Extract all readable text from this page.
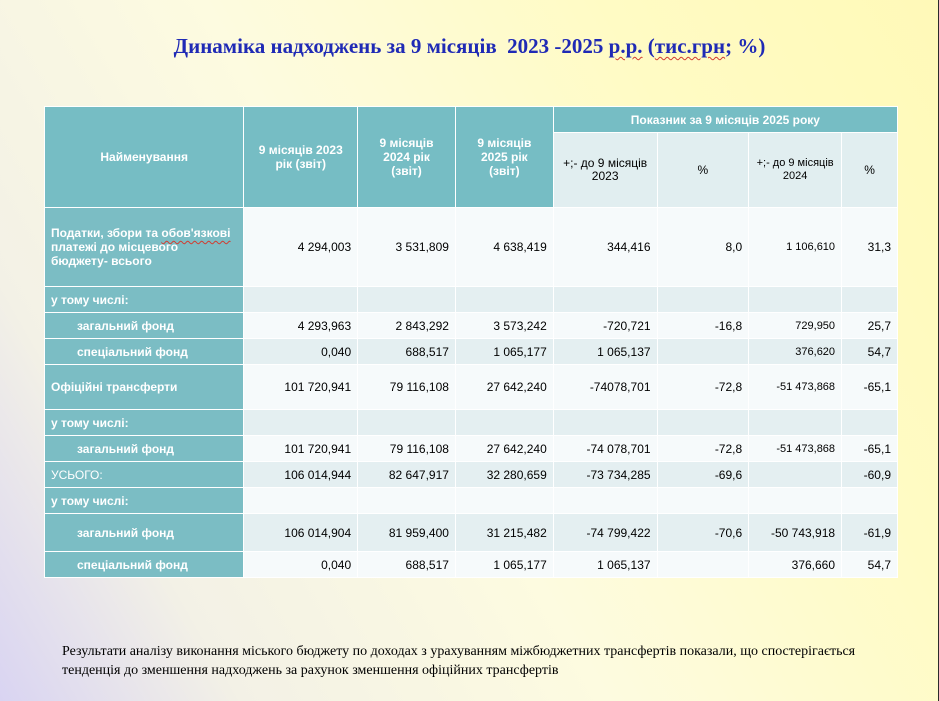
Динаміка надходжень за 9 місяців  2023 -2025 р.р. (тис.грн; %)
Найменування	9 місяців 2023 рік (звіт)	9 місяців 2024 рік (звіт)	9 місяців 2025 рік (звіт)	Показник за 9 місяців 2025 року			
				+;- до 9 місяців 2023	%	+;- до 9 місяців 2024	%
Податки, збори та обов'язкові платежі до місцевого бюджету- всього	4 294,003	3 531,809	4 638,419	344,416	8,0	1 106,610	31,3
у тому числі:							
загальний фонд	4 293,963	2 843,292	3 573,242	-720,721	-16,8	729,950	25,7
спеціальний фонд	0,040	688,517	1 065,177	1 065,137		376,620	54,7
Офіційні трансферти	101 720,941	79 116,108	27 642,240	-74078,701	-72,8	-51 473,868	-65,1
у тому числі:							
загальний фонд	101 720,941	79 116,108	27 642,240	-74 078,701	-72,8	-51 473,868	-65,1
УСЬОГО:	106 014,944	82 647,917	32 280,659	-73 734,285	-69,6		-60,9
у тому числі:							
загальний фонд	106 014,904	81 959,400	31 215,482	-74 799,422	-70,6	-50 743,918	-61,9
спеціальний фонд	0,040	688,517	1 065,177	1 065,137		376,660	54,7
Результати аналізу виконання міського бюджету по доходах з урахуванням міжбюджетних трансфертів показали, що спостерігається тенденція до зменшення надходжень за рахунок зменшення офіційних трансфертів
